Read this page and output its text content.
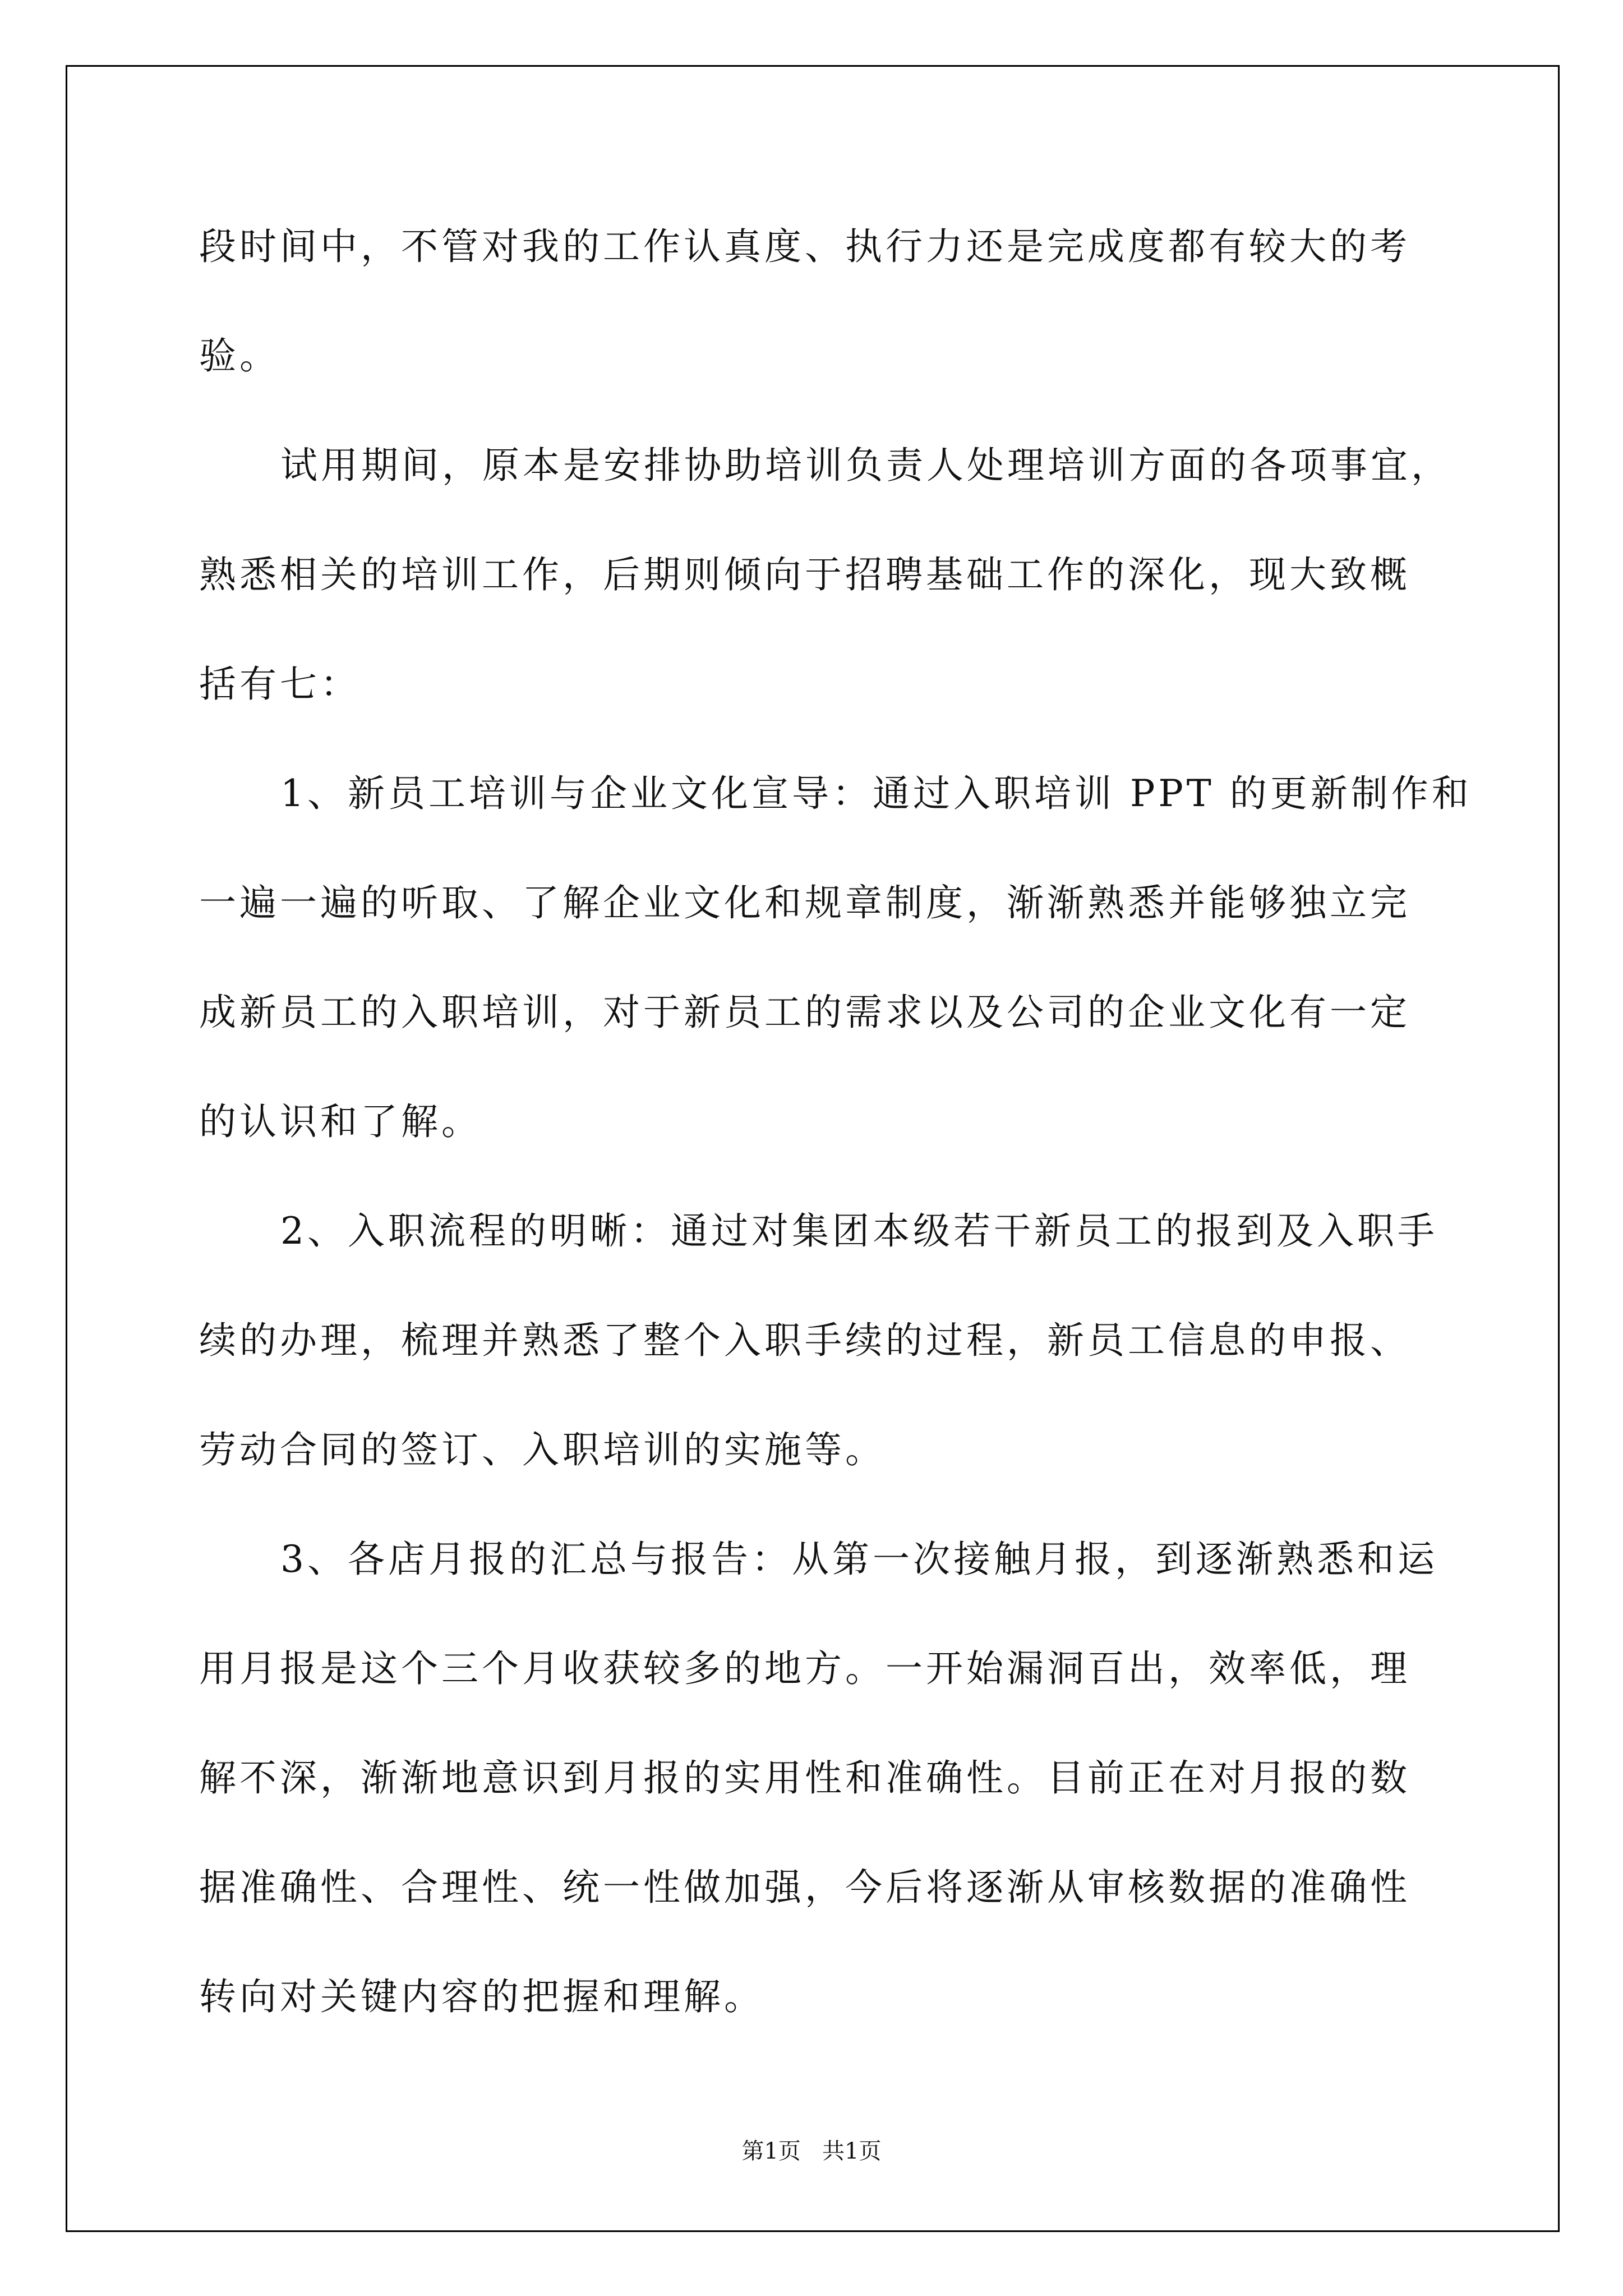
段时间中，不管对我的工作认真度、执行力还是完成度都有较大的考
验。
试用期间，原本是安排协助培训负责人处理培训方面的各项事宜，
熟悉相关的培训工作，后期则倾向于招聘基础工作的深化，现大致概
括有七：
1、新员工培训与企业文化宣导：通过入职培训 PPT 的更新制作和
一遍一遍的听取、了解企业文化和规章制度，渐渐熟悉并能够独立完
成新员工的入职培训，对于新员工的需求以及公司的企业文化有一定
的认识和了解。
2、入职流程的明晰：通过对集团本级若干新员工的报到及入职手
续的办理，梳理并熟悉了整个入职手续的过程，新员工信息的申报、
劳动合同的签订、入职培训的实施等。
3、各店月报的汇总与报告：从第一次接触月报，到逐渐熟悉和运
用月报是这个三个月收获较多的地方。一开始漏洞百出，效率低，理
解不深，渐渐地意识到月报的实用性和准确性。目前正在对月报的数
据准确性、合理性、统一性做加强，今后将逐渐从审核数据的准确性
转向对关键内容的把握和理解。
第1页   共1页
